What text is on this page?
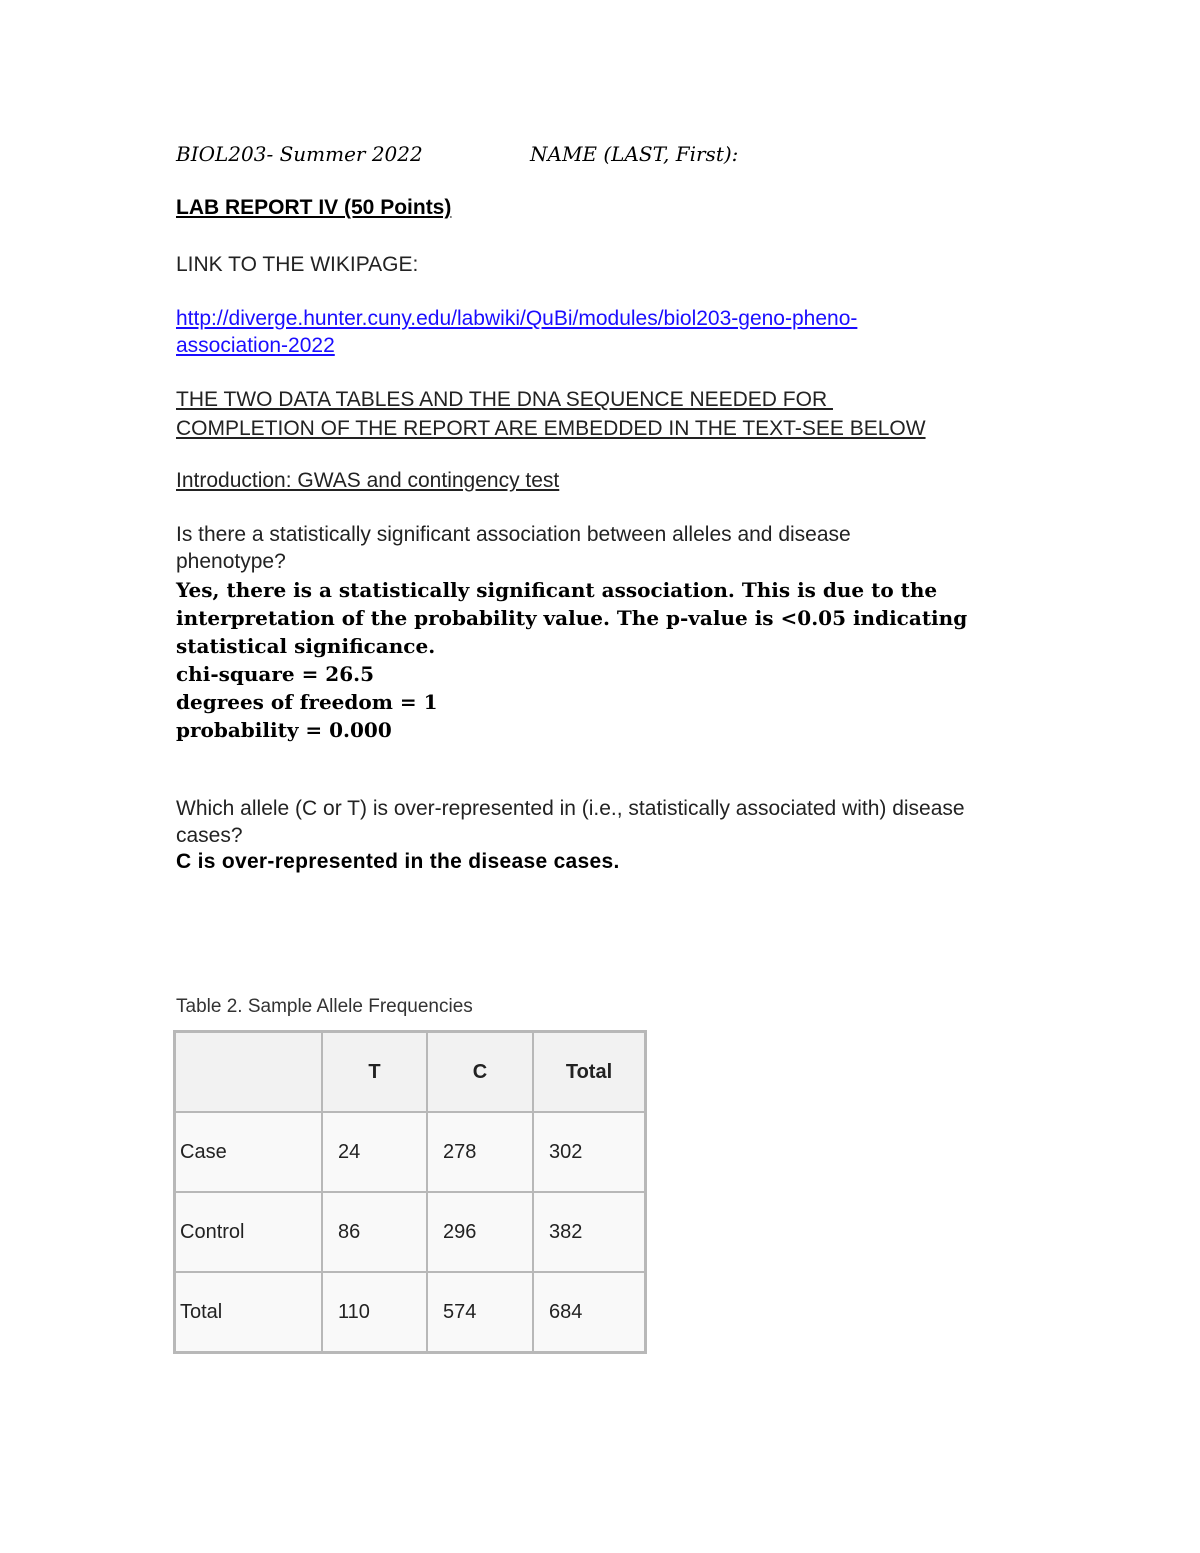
BIOL203- Summer 2022	NAME (LAST, First):
LAB REPORT IV (50 Points)
LINK TO THE WIKIPAGE:
http://diverge.hunter.cuny.edu/labwiki/QuBi/modules/biol203-geno-pheno-
association-2022
THE TWO DATA TABLES AND THE DNA SEQUENCE NEEDED FOR
COMPLETION OF THE REPORT ARE EMBEDDED IN THE TEXT-SEE BELOW
Introduction: GWAS and contingency test
Is there a statistically significant association between alleles and disease phenotype?
Yes, there is a statistically significant association. This is due to the interpretation of the probability value. The p-value is <0.05 indicating statistical significance.
chi-square = 26.5
degrees of freedom = 1
probability = 0.000
Which allele (C or T) is over-represented in (i.e., statistically associated with) disease cases?
C is over-represented in the disease cases.
Table 2. Sample Allele Frequencies
	T	C	Total
Case	24	278	302
Control	86	296	382
Total	110	574	684
